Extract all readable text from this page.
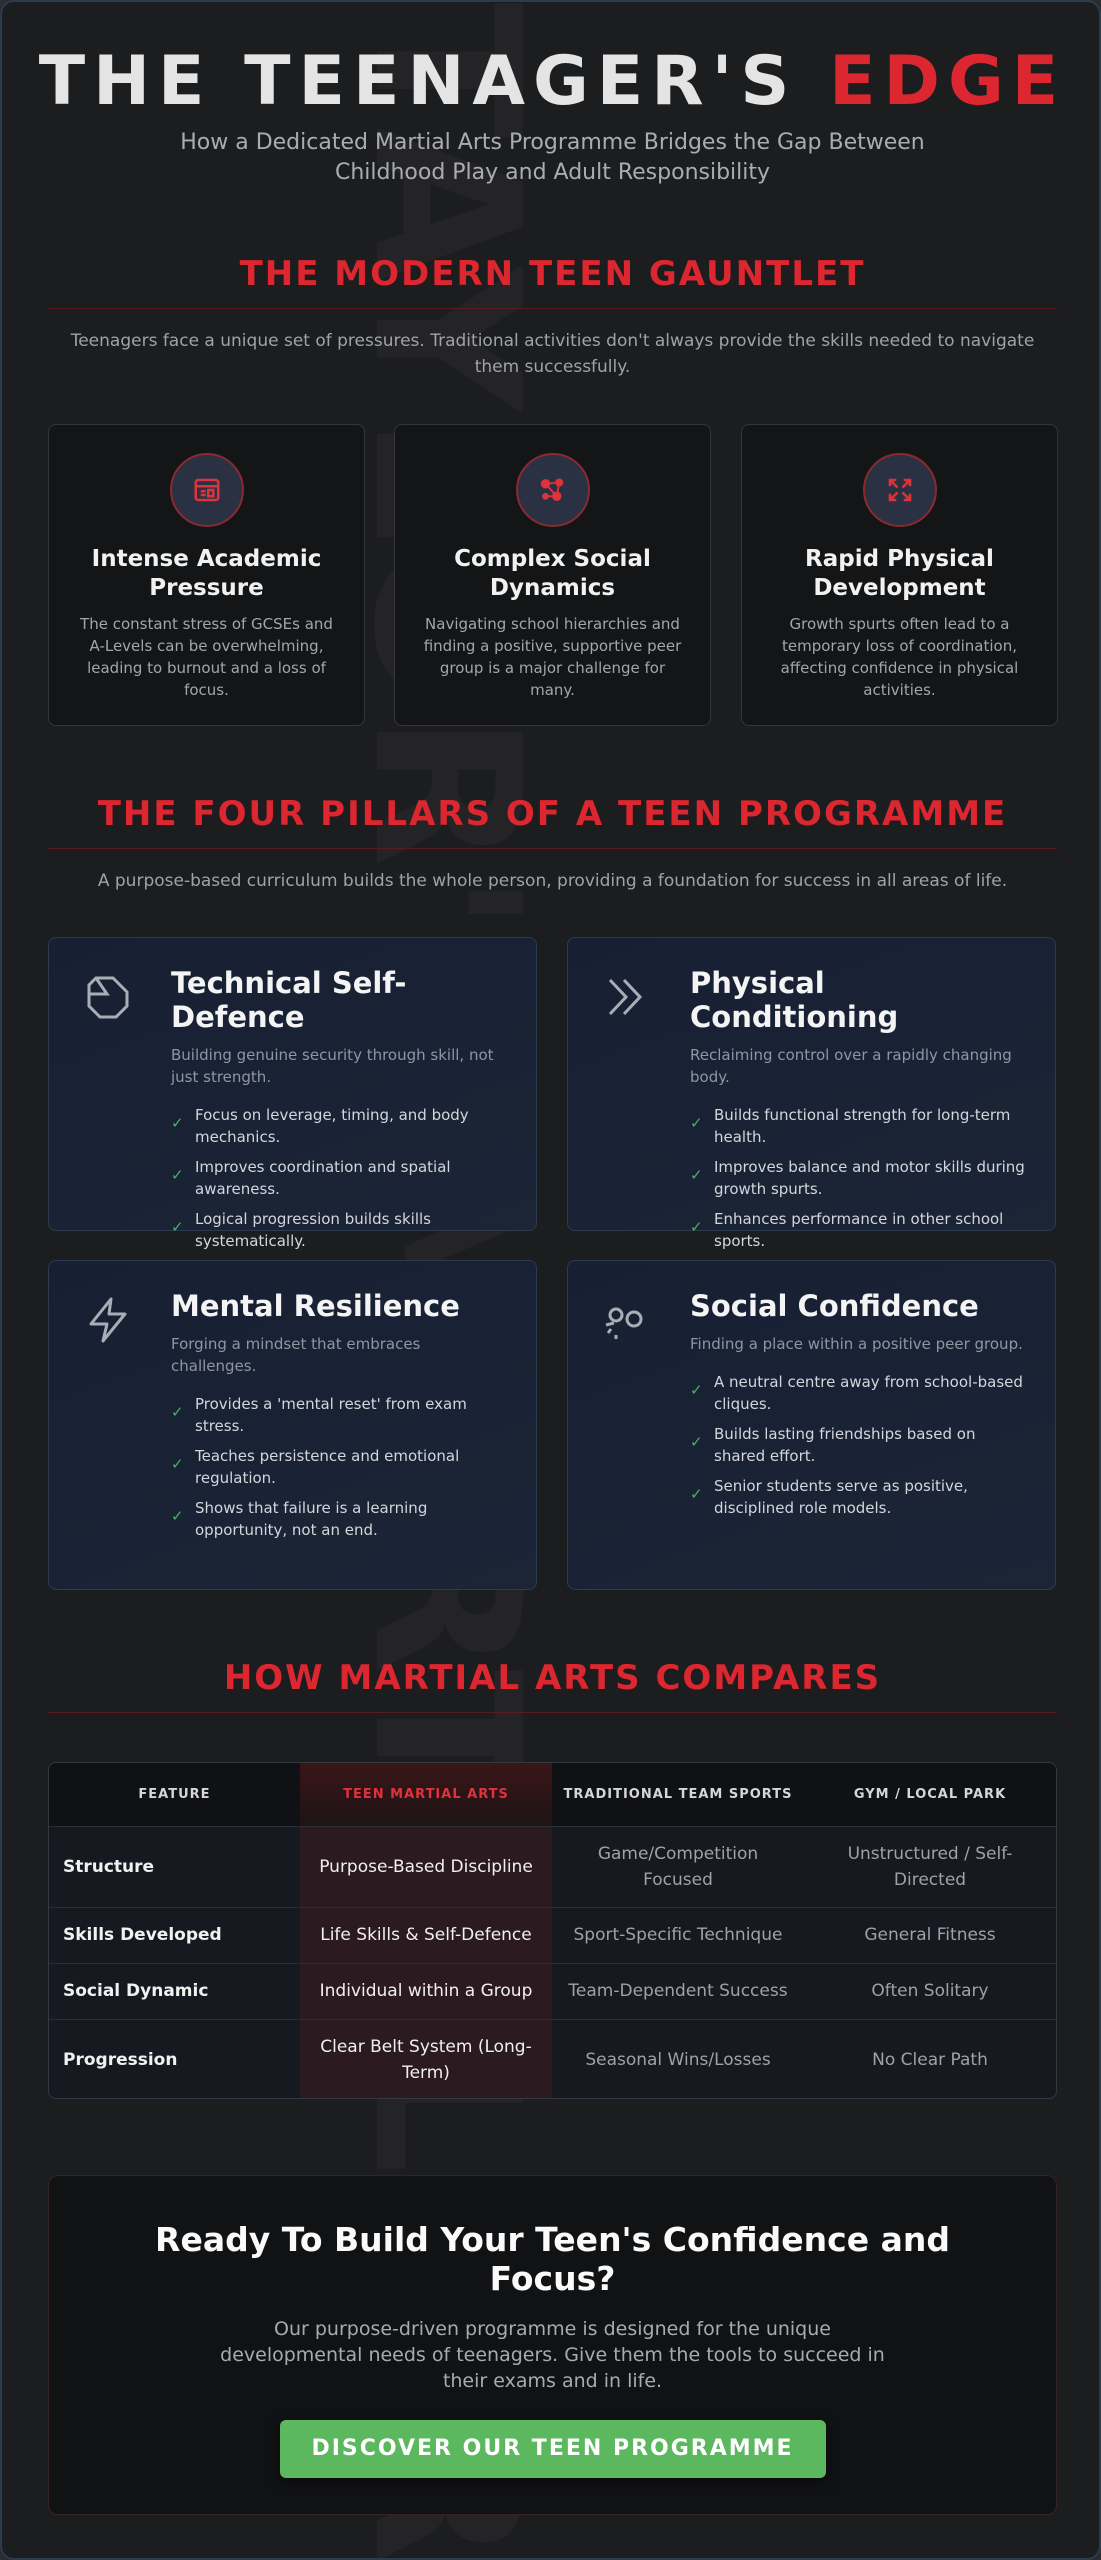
THE TEENAGER'S EDGE

How a Dedicated Martial Arts Programme Bridges the Gap Between Childhood Play and Adult Responsibility

THE MODERN TEEN GAUNTLET

Teenagers face a unique set of pressures. Traditional activities don't always provide the skills needed to navigate them successfully.

Intense Academic Pressure

The constant stress of GCSEs and A-Levels can be overwhelming, leading to burnout and a loss of focus.

Complex Social Dynamics

Navigating school hierarchies and finding a positive, supportive peer group is a major challenge for many.

Rapid Physical Development

Growth spurts often lead to a temporary loss of coordination, affecting confidence in physical activities.

THE FOUR PILLARS OF A TEEN PROGRAMME

A purpose-based curriculum builds the whole person, providing a foundation for success in all areas of life.

Technical Self-Defence

Building genuine security through skill, not just strength.

✓ Focus on leverage, timing, and body mechanics.
✓ Improves coordination and spatial awareness.
✓ Logical progression builds skills systematically.
Physical Conditioning

Reclaiming control over a rapidly changing body.

✓ Builds functional strength for long-term health.
✓ Improves balance and motor skills during growth spurts.
✓ Enhances performance in other school sports.
Mental Resilience

Forging a mindset that embraces challenges.

✓ Provides a 'mental reset' from exam stress.
✓ Teaches persistence and emotional regulation.
✓ Shows that failure is a learning opportunity, not an end.
Social Confidence

Finding a place within a positive peer group.

✓ A neutral centre away from school-based cliques.
✓ Builds lasting friendships based on shared effort.
✓ Senior students serve as positive, disciplined role models.
HOW MARTIAL ARTS COMPARES
FEATURE	TEEN MARTIAL ARTS	TRADITIONAL TEAM SPORTS	GYM / LOCAL PARK
Structure	Purpose-Based Discipline	Game/Competition Focused	Unstructured / Self-Directed
Skills Developed	Life Skills & Self-Defence	Sport-Specific Technique	General Fitness
Social Dynamic	Individual within a Group	Team-Dependent Success	Often Solitary
Progression	Clear Belt System (Long-Term)	Seasonal Wins/Losses	No Clear Path
Ready To Build Your Teen's Confidence and Focus?

Our purpose-driven programme is designed for the unique developmental needs of teenagers. Give them the tools to succeed in their exams and in life.

DISCOVER OUR TEEN PROGRAMME
